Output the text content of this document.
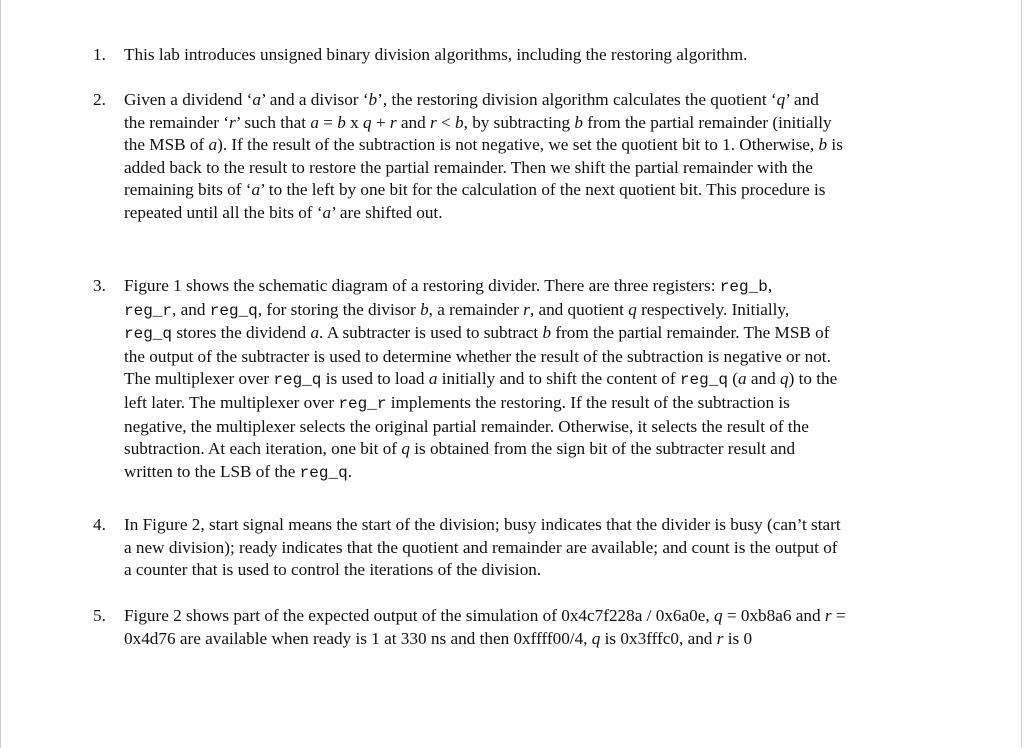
1.	This lab introduces unsigned binary division algorithms, including the restoring algorithm.
2.	Given a dividend ‘a’ and a divisor ‘b’, the restoring division algorithm calculates the quotient ‘q’ and
the remainder ‘r’ such that a = b x q + r and r < b, by subtracting b from the partial remainder (initially
the MSB of a). If the result of the subtraction is not negative, we set the quotient bit to 1. Otherwise, b is
added back to the result to restore the partial remainder. Then we shift the partial remainder with the
remaining bits of ‘a’ to the left by one bit for the calculation of the next quotient bit. This procedure is
repeated until all the bits of ‘a’ are shifted out.
3.	Figure 1 shows the schematic diagram of a restoring divider. There are three registers: reg_b,
reg_r, and reg_q, for storing the divisor b, a remainder r, and quotient q respectively. Initially,
reg_q stores the dividend a. A subtracter is used to subtract b from the partial remainder. The MSB of
the output of the subtracter is used to determine whether the result of the subtraction is negative or not.
The multiplexer over reg_q is used to load a initially and to shift the content of reg_q (a and q) to the
left later. The multiplexer over reg_r implements the restoring. If the result of the subtraction is
negative, the multiplexer selects the original partial remainder. Otherwise, it selects the result of the
subtraction. At each iteration, one bit of q is obtained from the sign bit of the subtracter result and
written to the LSB of the reg_q.
4.	In Figure 2, start signal means the start of the division; busy indicates that the divider is busy (can’t start
a new division); ready indicates that the quotient and remainder are available; and count is the output of
a counter that is used to control the iterations of the division.
5.	Figure 2 shows part of the expected output of the simulation of 0x4c7f228a / 0x6a0e, q = 0xb8a6 and r =
0x4d76 are available when ready is 1 at 330 ns and then 0xffff00/4, q is 0x3fffc0, and r is 0
